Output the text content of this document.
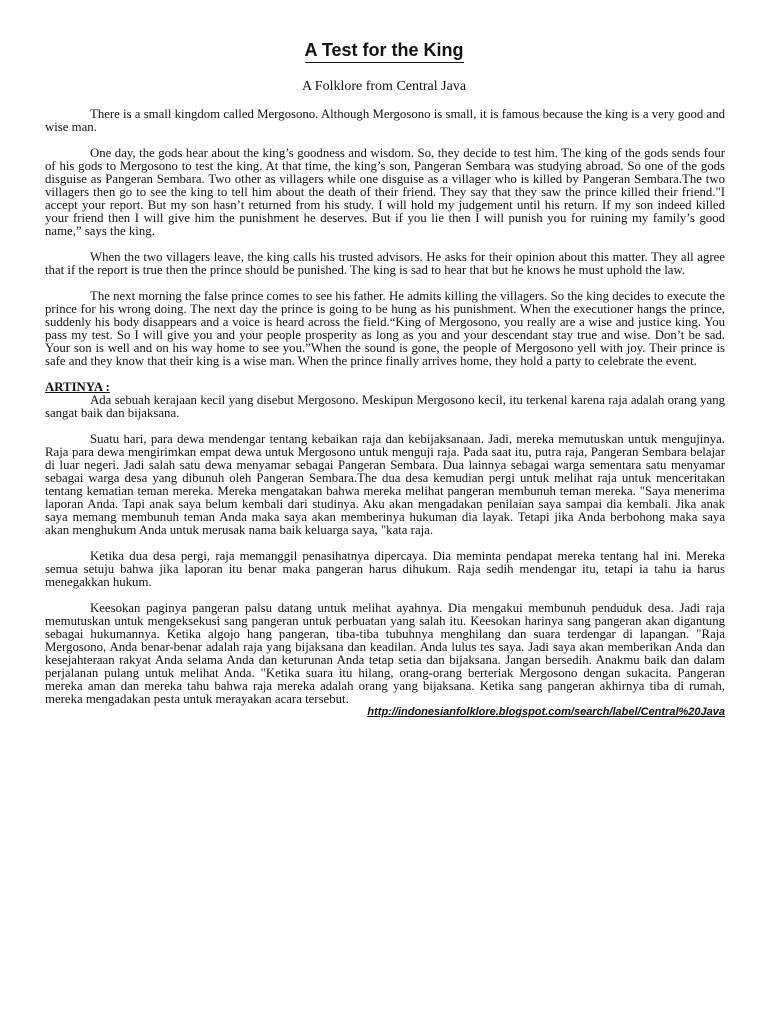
A Test for the King
A Folklore from Central Java

There is a small kingdom called Mergosono. Although Mergosono is small, it is famous because the king is a very good and wise man.

One day, the gods hear about the king’s goodness and wisdom. So, they decide to test him. The king of the gods sends four of his gods to Mergosono to test the king. At that time, the king’s son, Pangeran Sembara was studying abroad. So one of the gods disguise as Pangeran Sembara. Two other as villagers while one disguise as a villager who is killed by Pangeran Sembara.The two villagers then go to see the king to tell him about the death of their friend. They say that they saw the prince killed their friend."I accept your report. But my son hasn’t returned from his study. I will hold my judgement until his return. If my son indeed killed your friend then I will give him the punishment he deserves. But if you lie then I will punish you for ruining my family’s good name,” says the king.

When the two villagers leave, the king calls his trusted advisors. He asks for their opinion about this matter. They all agree that if the report is true then the prince should be punished. The king is sad to hear that but he knows he must uphold the law.

The next morning the false prince comes to see his father. He admits killing the villagers. So the king decides to execute the prince for his wrong doing. The next day the prince is going to be hung as his punishment. When the executioner hangs the prince, suddenly his body disappears and a voice is heard across the field.“King of Mergosono, you really are a wise and justice king. You pass my test. So I will give you and your people prosperity as long as you and your descendant stay true and wise. Don’t be sad. Your son is well and on his way home to see you.”When the sound is gone, the people of Mergosono yell with joy. Their prince is safe and they know that their king is a wise man. When the prince finally arrives home, they hold a party to celebrate the event.

ARTINYA :

Ada sebuah kerajaan kecil yang disebut Mergosono. Meskipun Mergosono kecil, itu terkenal karena raja adalah orang yang sangat baik dan bijaksana.

Suatu hari, para dewa mendengar tentang kebaikan raja dan kebijaksanaan. Jadi, mereka memutuskan untuk mengujinya. Raja para dewa mengirimkan empat dewa untuk Mergosono untuk menguji raja. Pada saat itu, putra raja, Pangeran Sembara belajar di luar negeri. Jadi salah satu dewa menyamar sebagai Pangeran Sembara. Dua lainnya sebagai warga sementara satu menyamar sebagai warga desa yang dibunuh oleh Pangeran Sembara.The dua desa kemudian pergi untuk melihat raja untuk menceritakan tentang kematian teman mereka. Mereka mengatakan bahwa mereka melihat pangeran membunuh teman mereka. "Saya menerima laporan Anda. Tapi anak saya belum kembali dari studinya. Aku akan mengadakan penilaian saya sampai dia kembali. Jika anak saya memang membunuh teman Anda maka saya akan memberinya hukuman dia layak. Tetapi jika Anda berbohong maka saya akan menghukum Anda untuk merusak nama baik keluarga saya, "kata raja.

Ketika dua desa pergi, raja memanggil penasihatnya dipercaya. Dia meminta pendapat mereka tentang hal ini. Mereka semua setuju bahwa jika laporan itu benar maka pangeran harus dihukum. Raja sedih mendengar itu, tetapi ia tahu ia harus menegakkan hukum.

Keesokan paginya pangeran palsu datang untuk melihat ayahnya. Dia mengakui membunuh penduduk desa. Jadi raja memutuskan untuk mengeksekusi sang pangeran untuk perbuatan yang salah itu. Keesokan harinya sang pangeran akan digantung sebagai hukumannya. Ketika algojo hang pangeran, tiba-tiba tubuhnya menghilang dan suara terdengar di lapangan. "Raja Mergosono, Anda benar-benar adalah raja yang bijaksana dan keadilan. Anda lulus tes saya. Jadi saya akan memberikan Anda dan kesejahteraan rakyat Anda selama Anda dan keturunan Anda tetap setia dan bijaksana. Jangan bersedih. Anakmu baik dan dalam perjalanan pulang untuk melihat Anda. "Ketika suara itu hilang, orang-orang berteriak Mergosono dengan sukacita. Pangeran mereka aman dan mereka tahu bahwa raja mereka adalah orang yang bijaksana. Ketika sang pangeran akhirnya tiba di rumah, mereka mengadakan pesta untuk merayakan acara tersebut.

http://indonesianfolklore.blogspot.com/search/label/Central%20Java
